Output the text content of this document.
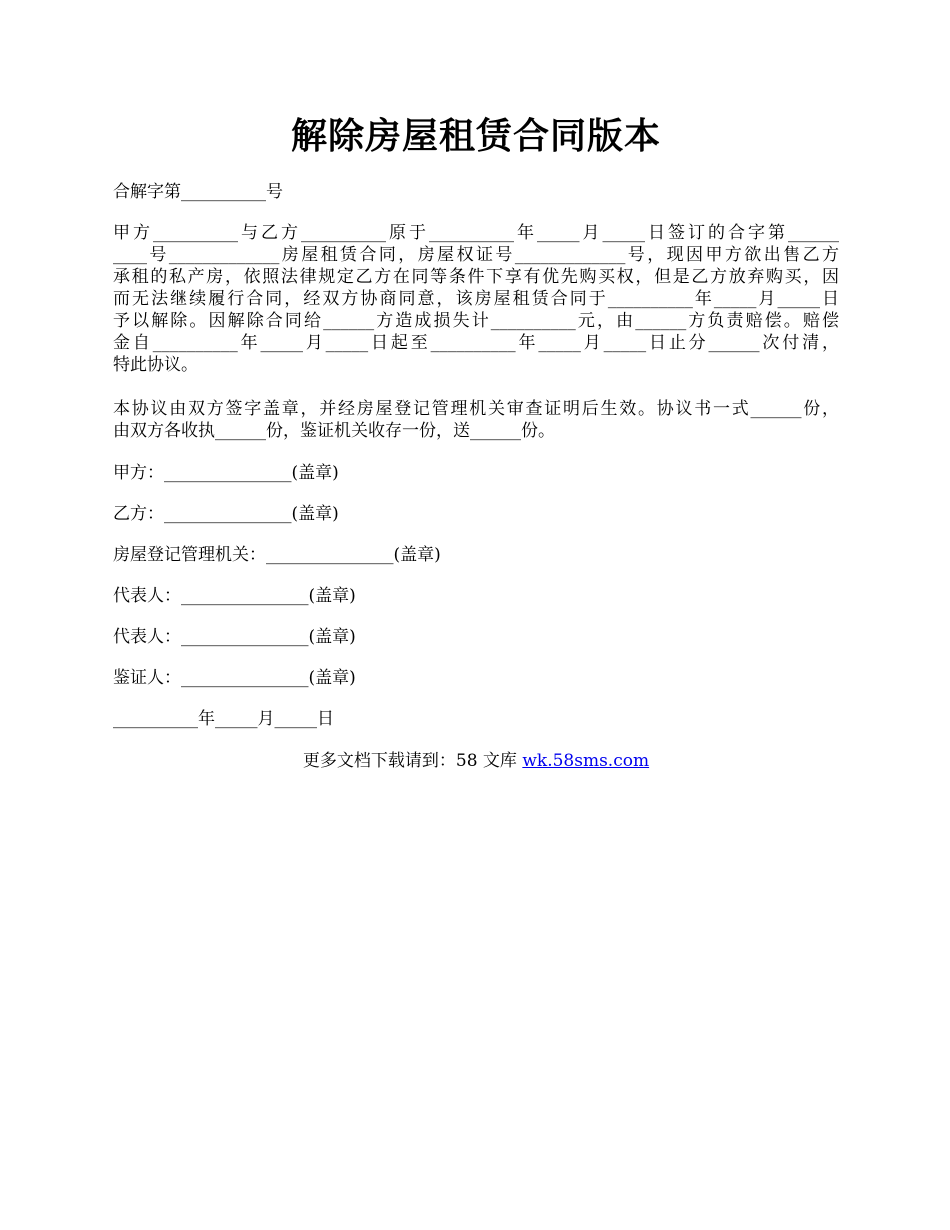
解除房屋租赁合同版本
合解字第__________号
甲方__________与乙方__________原于__________年_____月_____日签订的合字第______
____号_____________房屋租赁合同，房屋权证号_____________号，现因甲方欲出售乙方
承租的私产房，依照法律规定乙方在同等条件下享有优先购买权，但是乙方放弃购买，因
而无法继续履行合同，经双方协商同意，该房屋租赁合同于__________年_____月_____日
予以解除。因解除合同给______方造成损失计__________元，由______方负责赔偿。赔偿
金自__________年_____月_____日起至__________年_____月_____日止分______次付清，
特此协议。
本协议由双方签字盖章，并经房屋登记管理机关审查证明后生效。协议书一式______份，
由双方各收执______份，鉴证机关收存一份，送______份。
甲方：_______________(盖章)
乙方：_______________(盖章)
房屋登记管理机关：_______________(盖章)
代表人：_______________(盖章)
代表人：_______________(盖章)
鉴证人：_______________(盖章)
__________年_____月_____日
更多文档下载请到：58 文库 wk.58sms.com
